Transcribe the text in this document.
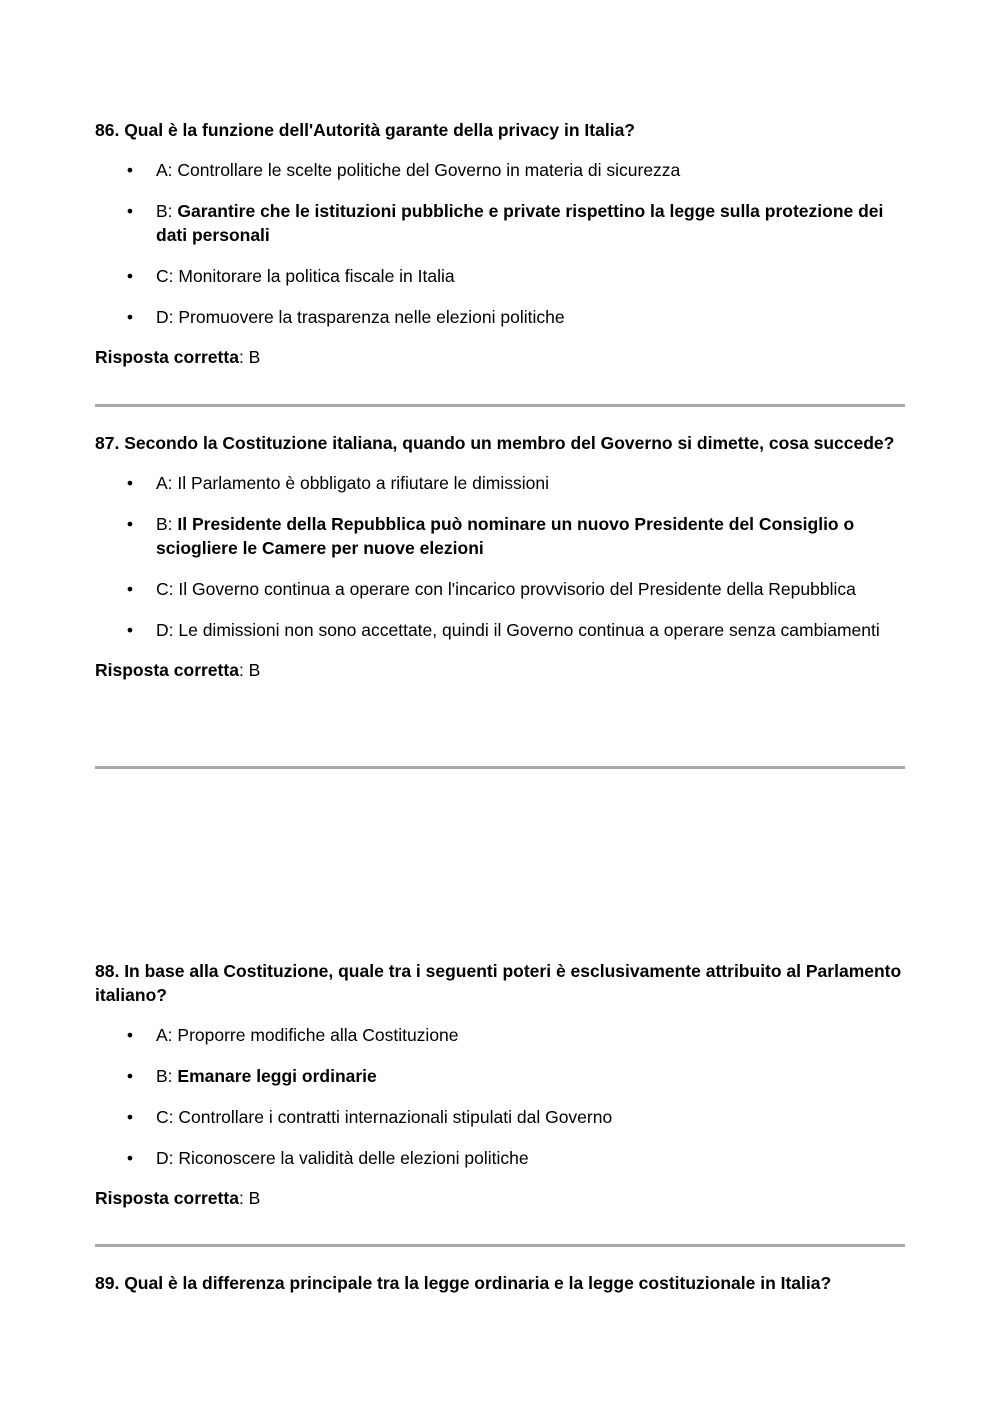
86. Qual è la funzione dell'Autorità garante della privacy in Italia?

• A: Controllare le scelte politiche del Governo in materia di sicurezza
• B: Garantire che le istituzioni pubbliche e private rispettino la legge sulla protezione dei dati personali
• C: Monitorare la politica fiscale in Italia
• D: Promuovere la trasparenza nelle elezioni politiche
Risposta corretta: B

87. Secondo la Costituzione italiana, quando un membro del Governo si dimette, cosa succede?

• A: Il Parlamento è obbligato a rifiutare le dimissioni
• B: Il Presidente della Repubblica può nominare un nuovo Presidente del Consiglio o sciogliere le Camere per nuove elezioni
• C: Il Governo continua a operare con l'incarico provvisorio del Presidente della Repubblica
• D: Le dimissioni non sono accettate, quindi il Governo continua a operare senza cambiamenti
Risposta corretta: B

88. In base alla Costituzione, quale tra i seguenti poteri è esclusivamente attribuito al Parlamento italiano?

• A: Proporre modifiche alla Costituzione
• B: Emanare leggi ordinarie
• C: Controllare i contratti internazionali stipulati dal Governo
• D: Riconoscere la validità delle elezioni politiche
Risposta corretta: B

89. Qual è la differenza principale tra la legge ordinaria e la legge costituzionale in Italia?
